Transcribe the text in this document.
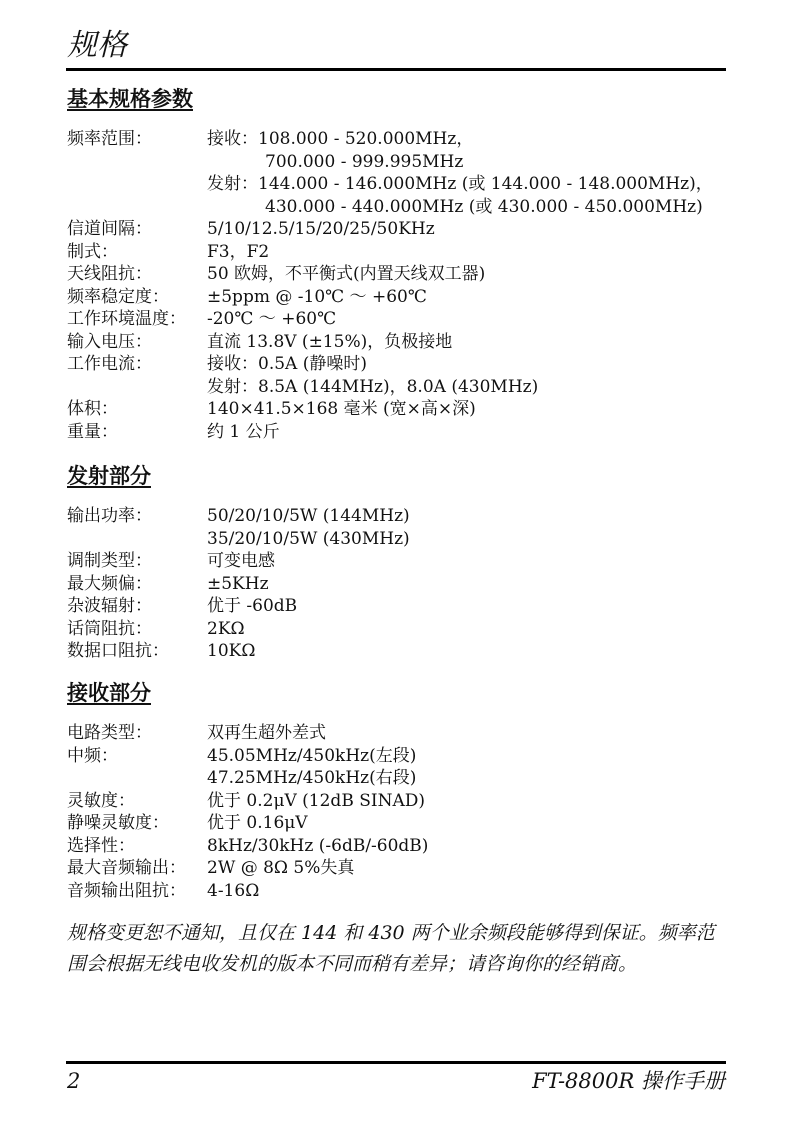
规格
基本规格参数
频率范围：	接收：108.000 - 520.000MHz，
700.000 - 999.995MHz
发射：144.000 - 146.000MHz (或 144.000 - 148.000MHz)，
430.000 - 440.000MHz (或 430.000 - 450.000MHz)
信道间隔：	5/10/12.5/15/20/25/50KHz
制式：	F3，F2
天线阻抗：	50 欧姆，不平衡式(内置天线双工器)
频率稳定度：	±5ppm @ -10℃ ～ +60℃
工作环境温度：	-20℃ ～ +60℃
输入电压：	直流 13.8V (±15%)，负极接地
工作电流：	接收：0.5A (静噪时)
发射：8.5A (144MHz)，8.0A (430MHz)
体积：	140×41.5×168 毫米 (宽×高×深)
重量：	约 1 公斤
发射部分
输出功率：	50/20/10/5W (144MHz)
35/20/10/5W (430MHz)
调制类型：	可变电感
最大频偏：	±5KHz
杂波辐射：	优于 -60dB
话筒阻抗：	2KΩ
数据口阻抗：	10KΩ
接收部分
电路类型：	双再生超外差式
中频：	45.05MHz/450kHz(左段)
47.25MHz/450kHz(右段)
灵敏度：	优于 0.2μV (12dB SINAD)
静噪灵敏度：	优于 0.16μV
选择性：	8kHz/30kHz (-6dB/-60dB)
最大音频输出：	2W @ 8Ω 5%失真
音频输出阻抗：	4-16Ω
规格变更恕不通知，且仅在 144 和 430 两个业余频段能够得到保证。频率范围会根据无线电收发机的版本不同而稍有差异；请咨询你的经销商。
2	FT-8800R 操作手册
